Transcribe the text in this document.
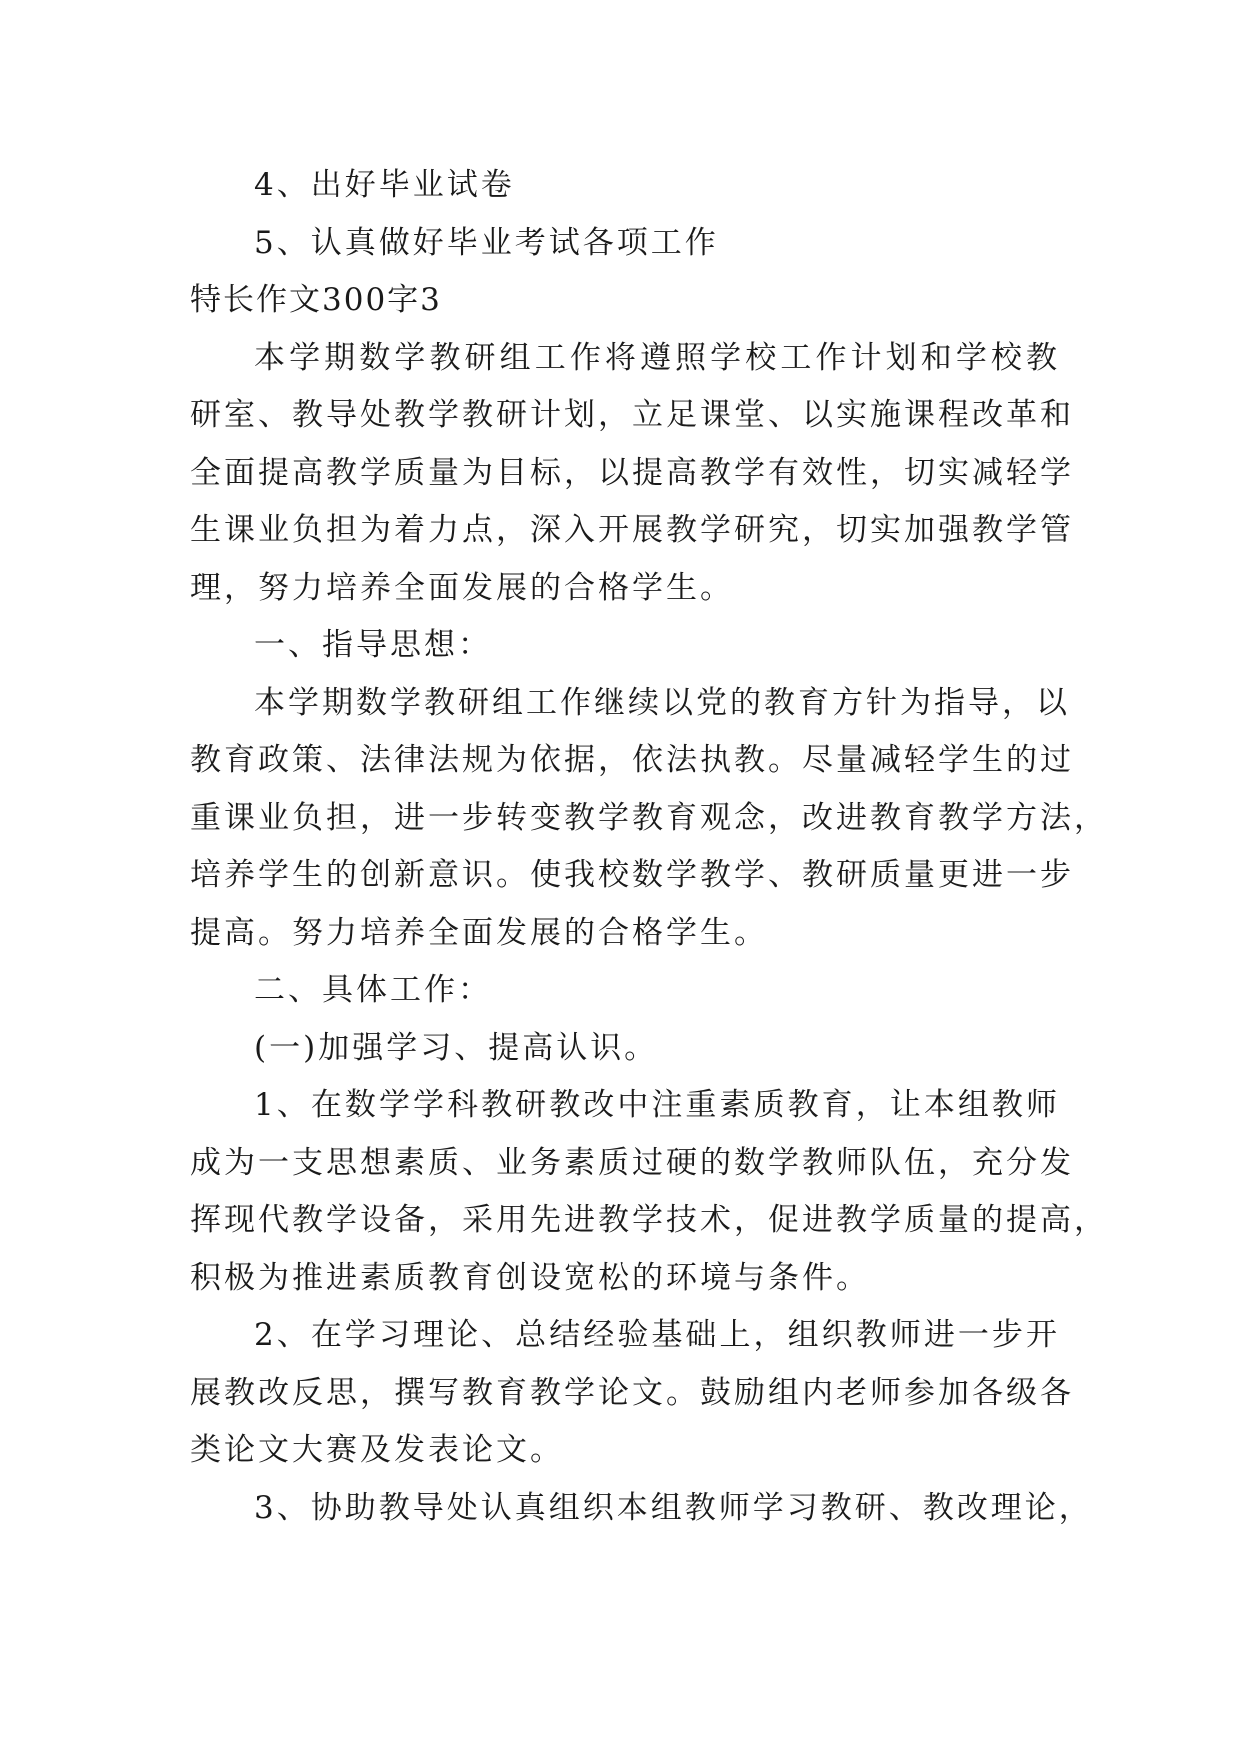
4、出好毕业试卷
5、认真做好毕业考试各项工作
特长作文300字3
本学期数学教研组工作将遵照学校工作计划和学校教
研室、教导处教学教研计划，立足课堂、以实施课程改革和
全面提高教学质量为目标，以提高教学有效性，切实减轻学
生课业负担为着力点，深入开展教学研究，切实加强教学管
理，努力培养全面发展的合格学生。
一、指导思想：
本学期数学教研组工作继续以党的教育方针为指导，以
教育政策、法律法规为依据，依法执教。尽量减轻学生的过
重课业负担，进一步转变教学教育观念，改进教育教学方法，
培养学生的创新意识。使我校数学教学、教研质量更进一步
提高。努力培养全面发展的合格学生。
二、具体工作：
(一)加强学习、提高认识。
1、在数学学科教研教改中注重素质教育，让本组教师
成为一支思想素质、业务素质过硬的数学教师队伍，充分发
挥现代教学设备，采用先进教学技术，促进教学质量的提高，
积极为推进素质教育创设宽松的环境与条件。
2、在学习理论、总结经验基础上，组织教师进一步开
展教改反思，撰写教育教学论文。鼓励组内老师参加各级各
类论文大赛及发表论文。
3、协助教导处认真组织本组教师学习教研、教改理论，
